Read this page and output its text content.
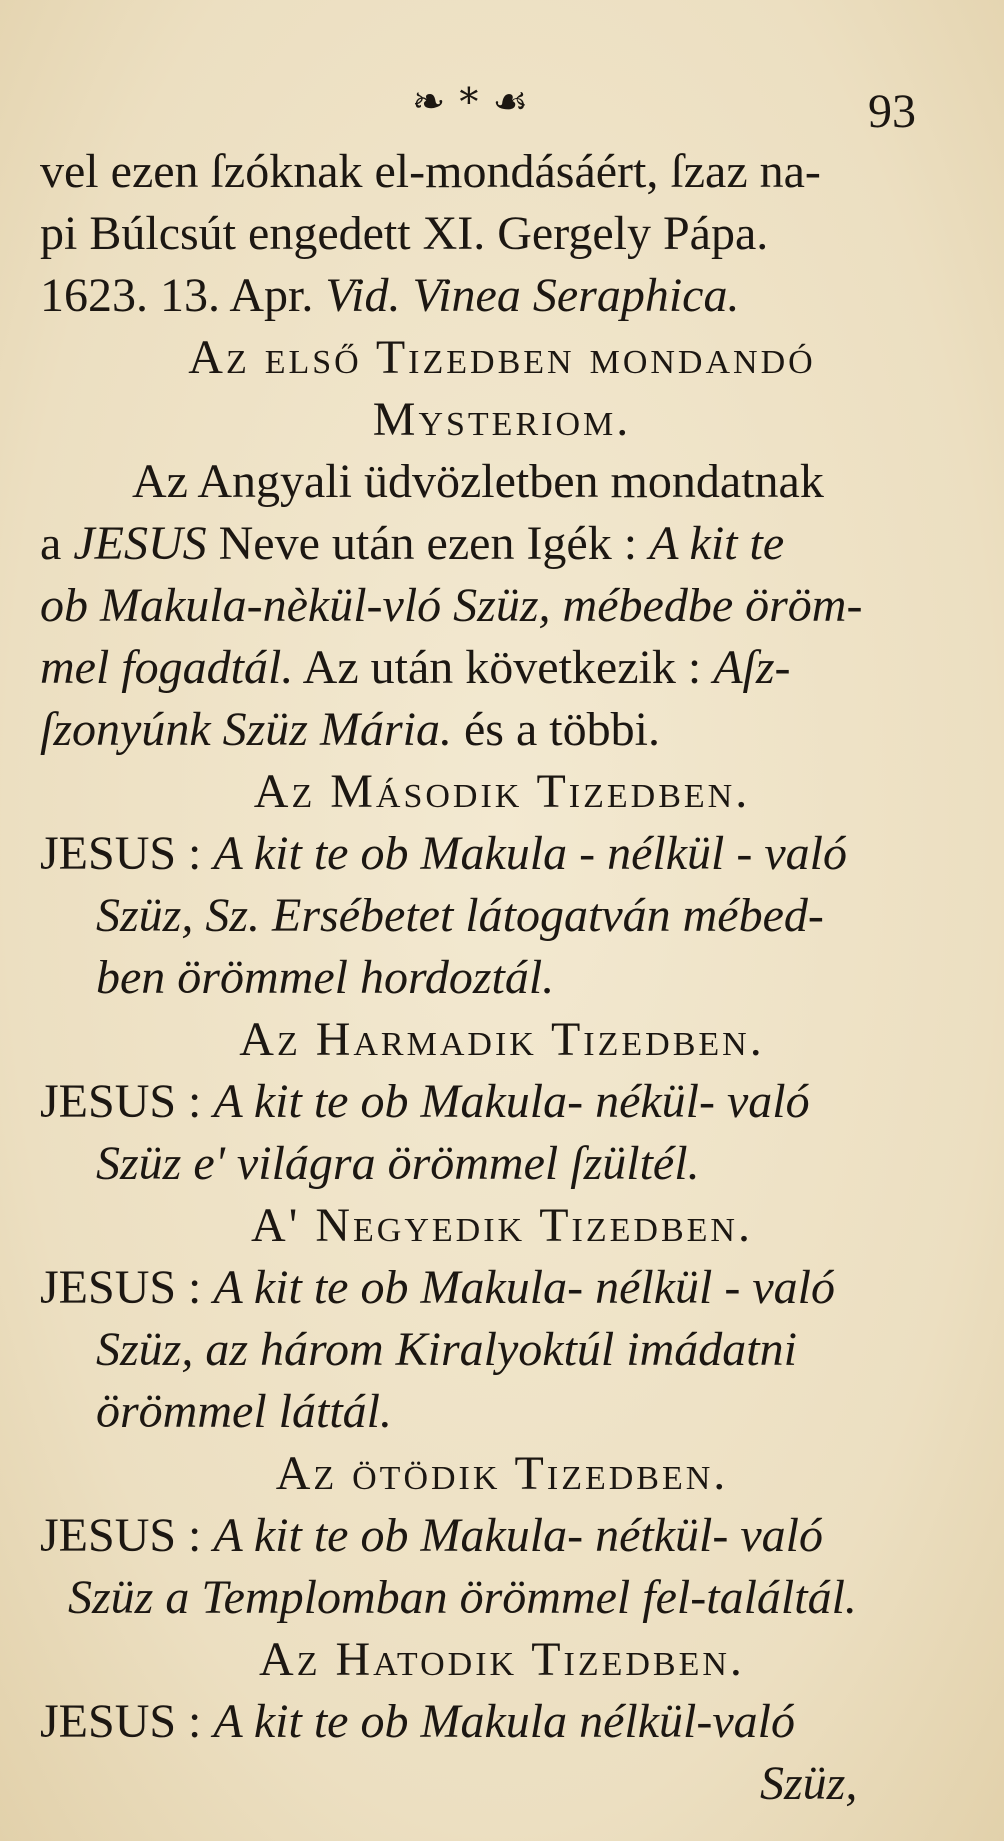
❧ * ☙	93
vel ezen ſzóknak el-mondásáért, ſzaz na-
pi Búlcsút engedett XI. Gergely Pápa.
1623. 13. Apr. Vid. Vinea Seraphica.
Az első Tizedben mondandó
Mysteriom.
Az Angyali üdvözletben mondatnak
a JESUS Neve után ezen Igék : A kit te
ob Makula-nèkül-vló Szüz, mébedbe öröm-
mel fogadtál. Az után következik : Aſz-
ſzonyúnk Szüz Mária. és a többi.
Az Második Tizedben.
JESUS : A kit te ob Makula - nélkül - való
Szüz, Sz. Ersébetet látogatván mébed-
ben örömmel hordoztál.
Az Harmadik Tizedben.
JESUS : A kit te ob Makula- nékül- való
Szüz e' világra örömmel ſzültél.
A' Negyedik Tizedben.
JESUS : A kit te ob Makula- nélkül - való
Szüz, az három Kiralyoktúl imádatni
örömmel láttál.
Az ötödik Tizedben.
JESUS : A kit te ob Makula- nétkül- való
Szüz a Templomban örömmel fel-találtál.
Az Hatodik Tizedben.
JESUS : A kit te ob Makula nélkül-való
Szüz,
